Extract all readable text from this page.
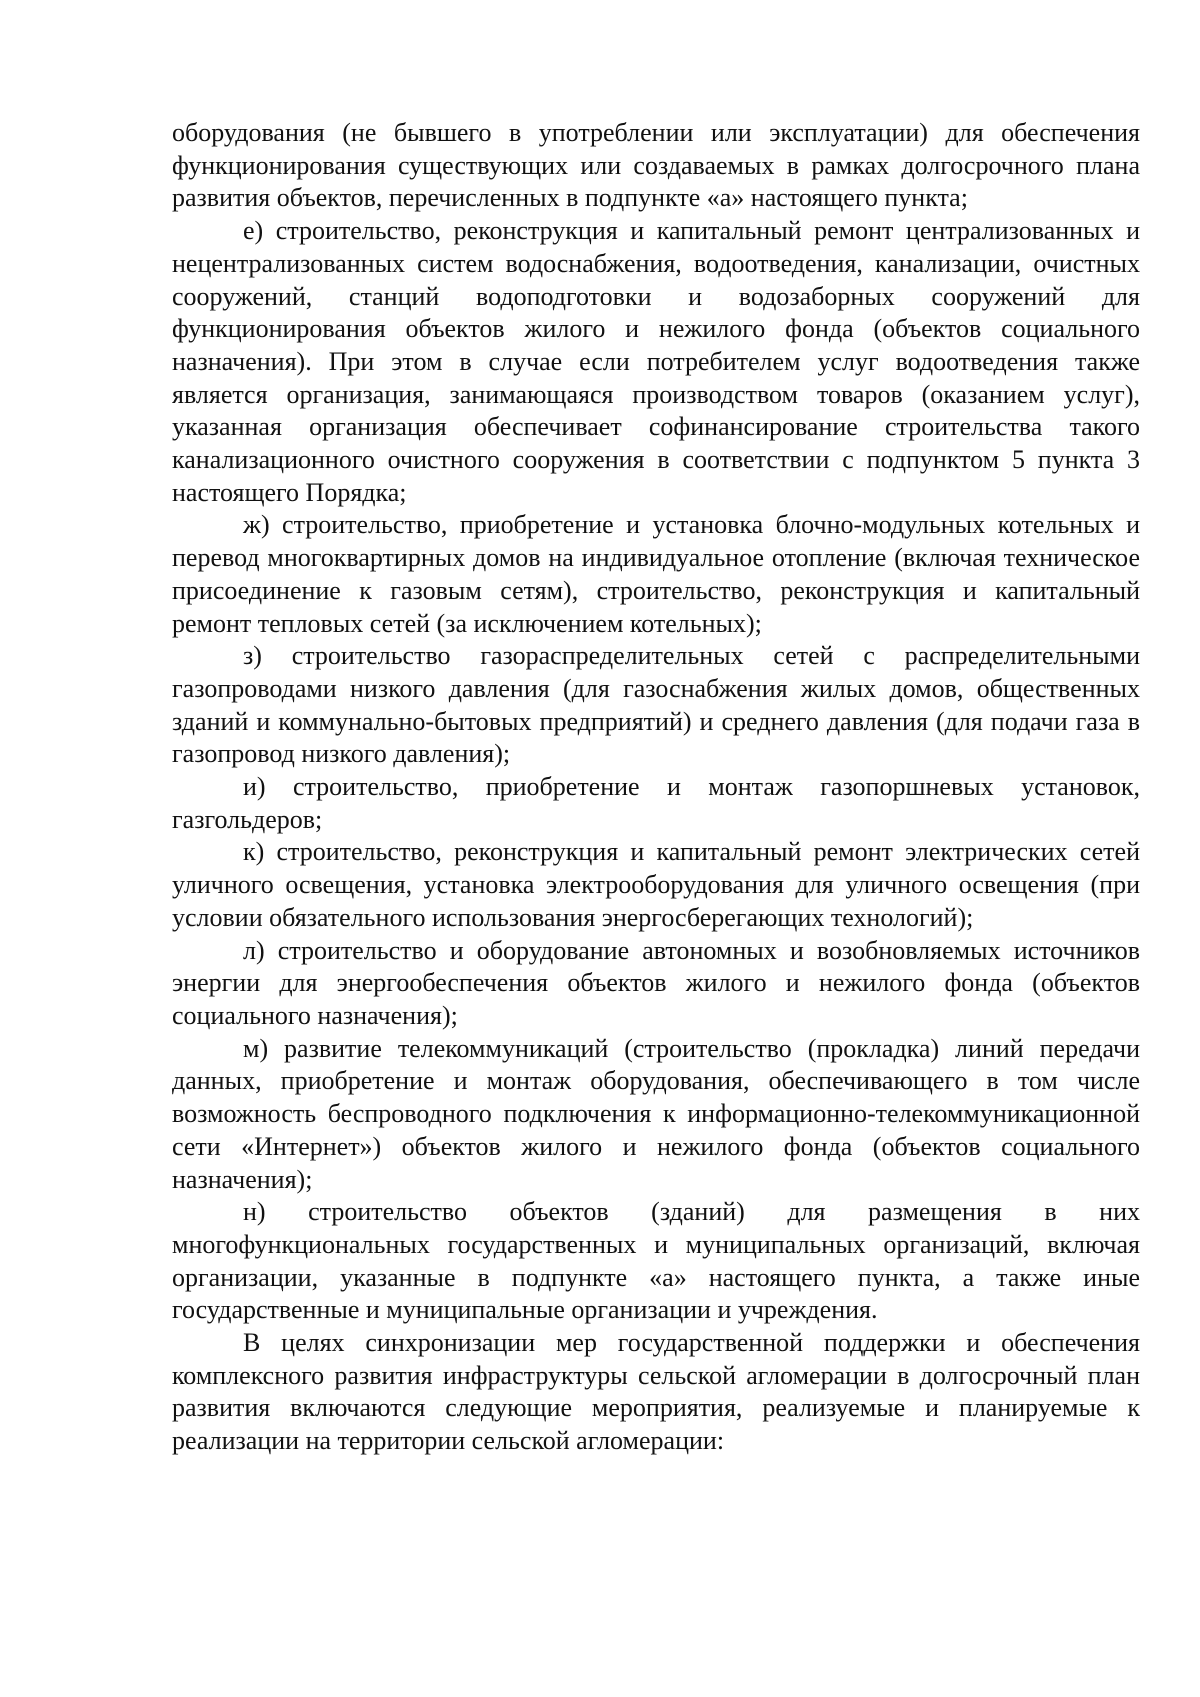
оборудования (не бывшего в употреблении или эксплуатации) для обеспечения функционирования существующих или создаваемых в рамках долгосрочного плана развития объектов, перечисленных в подпункте «а» настоящего пункта;

е) строительство, реконструкция и капитальный ремонт централизованных и нецентрализованных систем водоснабжения, водоотведения, канализации, очистных сооружений, станций водоподготовки и водозаборных сооружений для функционирования объектов жилого и нежилого фонда (объектов социального назначения). При этом в случае если потребителем услуг водоотведения также является организация, занимающаяся производством товаров (оказанием услуг), указанная организация обеспечивает софинансирование строительства такого канализационного очистного сооружения в соответствии с подпунктом 5 пункта 3 настоящего Порядка;

ж) строительство, приобретение и установка блочно-модульных котельных и перевод многоквартирных домов на индивидуальное отопление (включая техническое присоединение к газовым сетям), строительство, реконструкция и капитальный ремонт тепловых сетей (за исключением котельных);

з) строительство газораспределительных сетей с распределительными газопроводами низкого давления (для газоснабжения жилых домов, общественных зданий и коммунально-бытовых предприятий) и среднего давления (для подачи газа в газопровод низкого давления);

и) строительство, приобретение и монтаж газопоршневых установок, газгольдеров;

к) строительство, реконструкция и капитальный ремонт электрических сетей уличного освещения, установка электрооборудования для уличного освещения (при условии обязательного использования энергосберегающих технологий);

л) строительство и оборудование автономных и возобновляемых источников энергии для энергообеспечения объектов жилого и нежилого фонда (объектов социального назначения);

м) развитие телекоммуникаций (строительство (прокладка) линий передачи данных, приобретение и монтаж оборудования, обеспечивающего в том числе возможность беспроводного подключения к информационно-телекоммуникационной сети «Интернет») объектов жилого и нежилого фонда (объектов социального назначения);

н) строительство объектов (зданий) для размещения в них многофункциональных государственных и муниципальных организаций, включая организации, указанные в подпункте «а» настоящего пункта, а также иные государственные и муниципальные организации и учреждения.

В целях синхронизации мер государственной поддержки и обеспечения комплексного развития инфраструктуры сельской агломерации в долгосрочный план развития включаются следующие мероприятия, реализуемые и планируемые к реализации на территории сельской агломерации:
